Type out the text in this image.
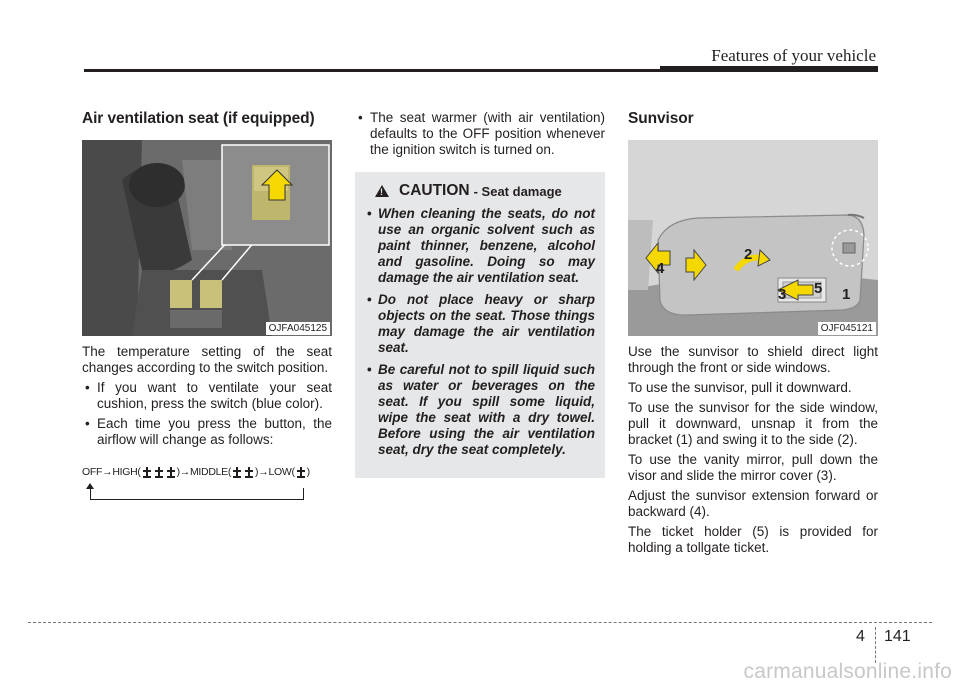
Features of your vehicle
Air ventilation seat (if equipped)
OJFA045125

The temperature setting of the seat changes according to the switch position.

• If you want to ventilate your seat cushion, press the switch (blue color).
• Each time you press the button, the airflow will change as follows:
OFF → HIGH(	) → MIDDLE( ) → LOW( )
• The seat warmer (with air ventilation) defaults to the OFF position whenever the ignition switch is turned on.
!
CAUTION - Seat damage
• When cleaning the seats, do not use an organic solvent such as paint thinner, benzene, alcohol and gasoline. Doing so may damage the air ventilation seat.
• Do not place heavy or sharp objects on the seat. Those things may damage the air ventilation seat.
• Be careful not to spill liquid such as water or beverages on the seat. If you spill some liquid, wipe the seat with a dry towel. Before using the air ventilation seat, dry the seat completely.
Sunvisor
1
2
3
4
5
OJF045121

Use the sunvisor to shield direct light through the front or side windows.

To use the sunvisor, pull it downward.

To use the sunvisor for the side window, pull it downward, unsnap it from the bracket (1) and swing it to the side (2).

To use the vanity mirror, pull down the visor and slide the mirror cover (3).

Adjust the sunvisor extension forward or backward (4).

The ticket holder (5) is provided for holding a tollgate ticket.

4 141
carmanualsonline.info
